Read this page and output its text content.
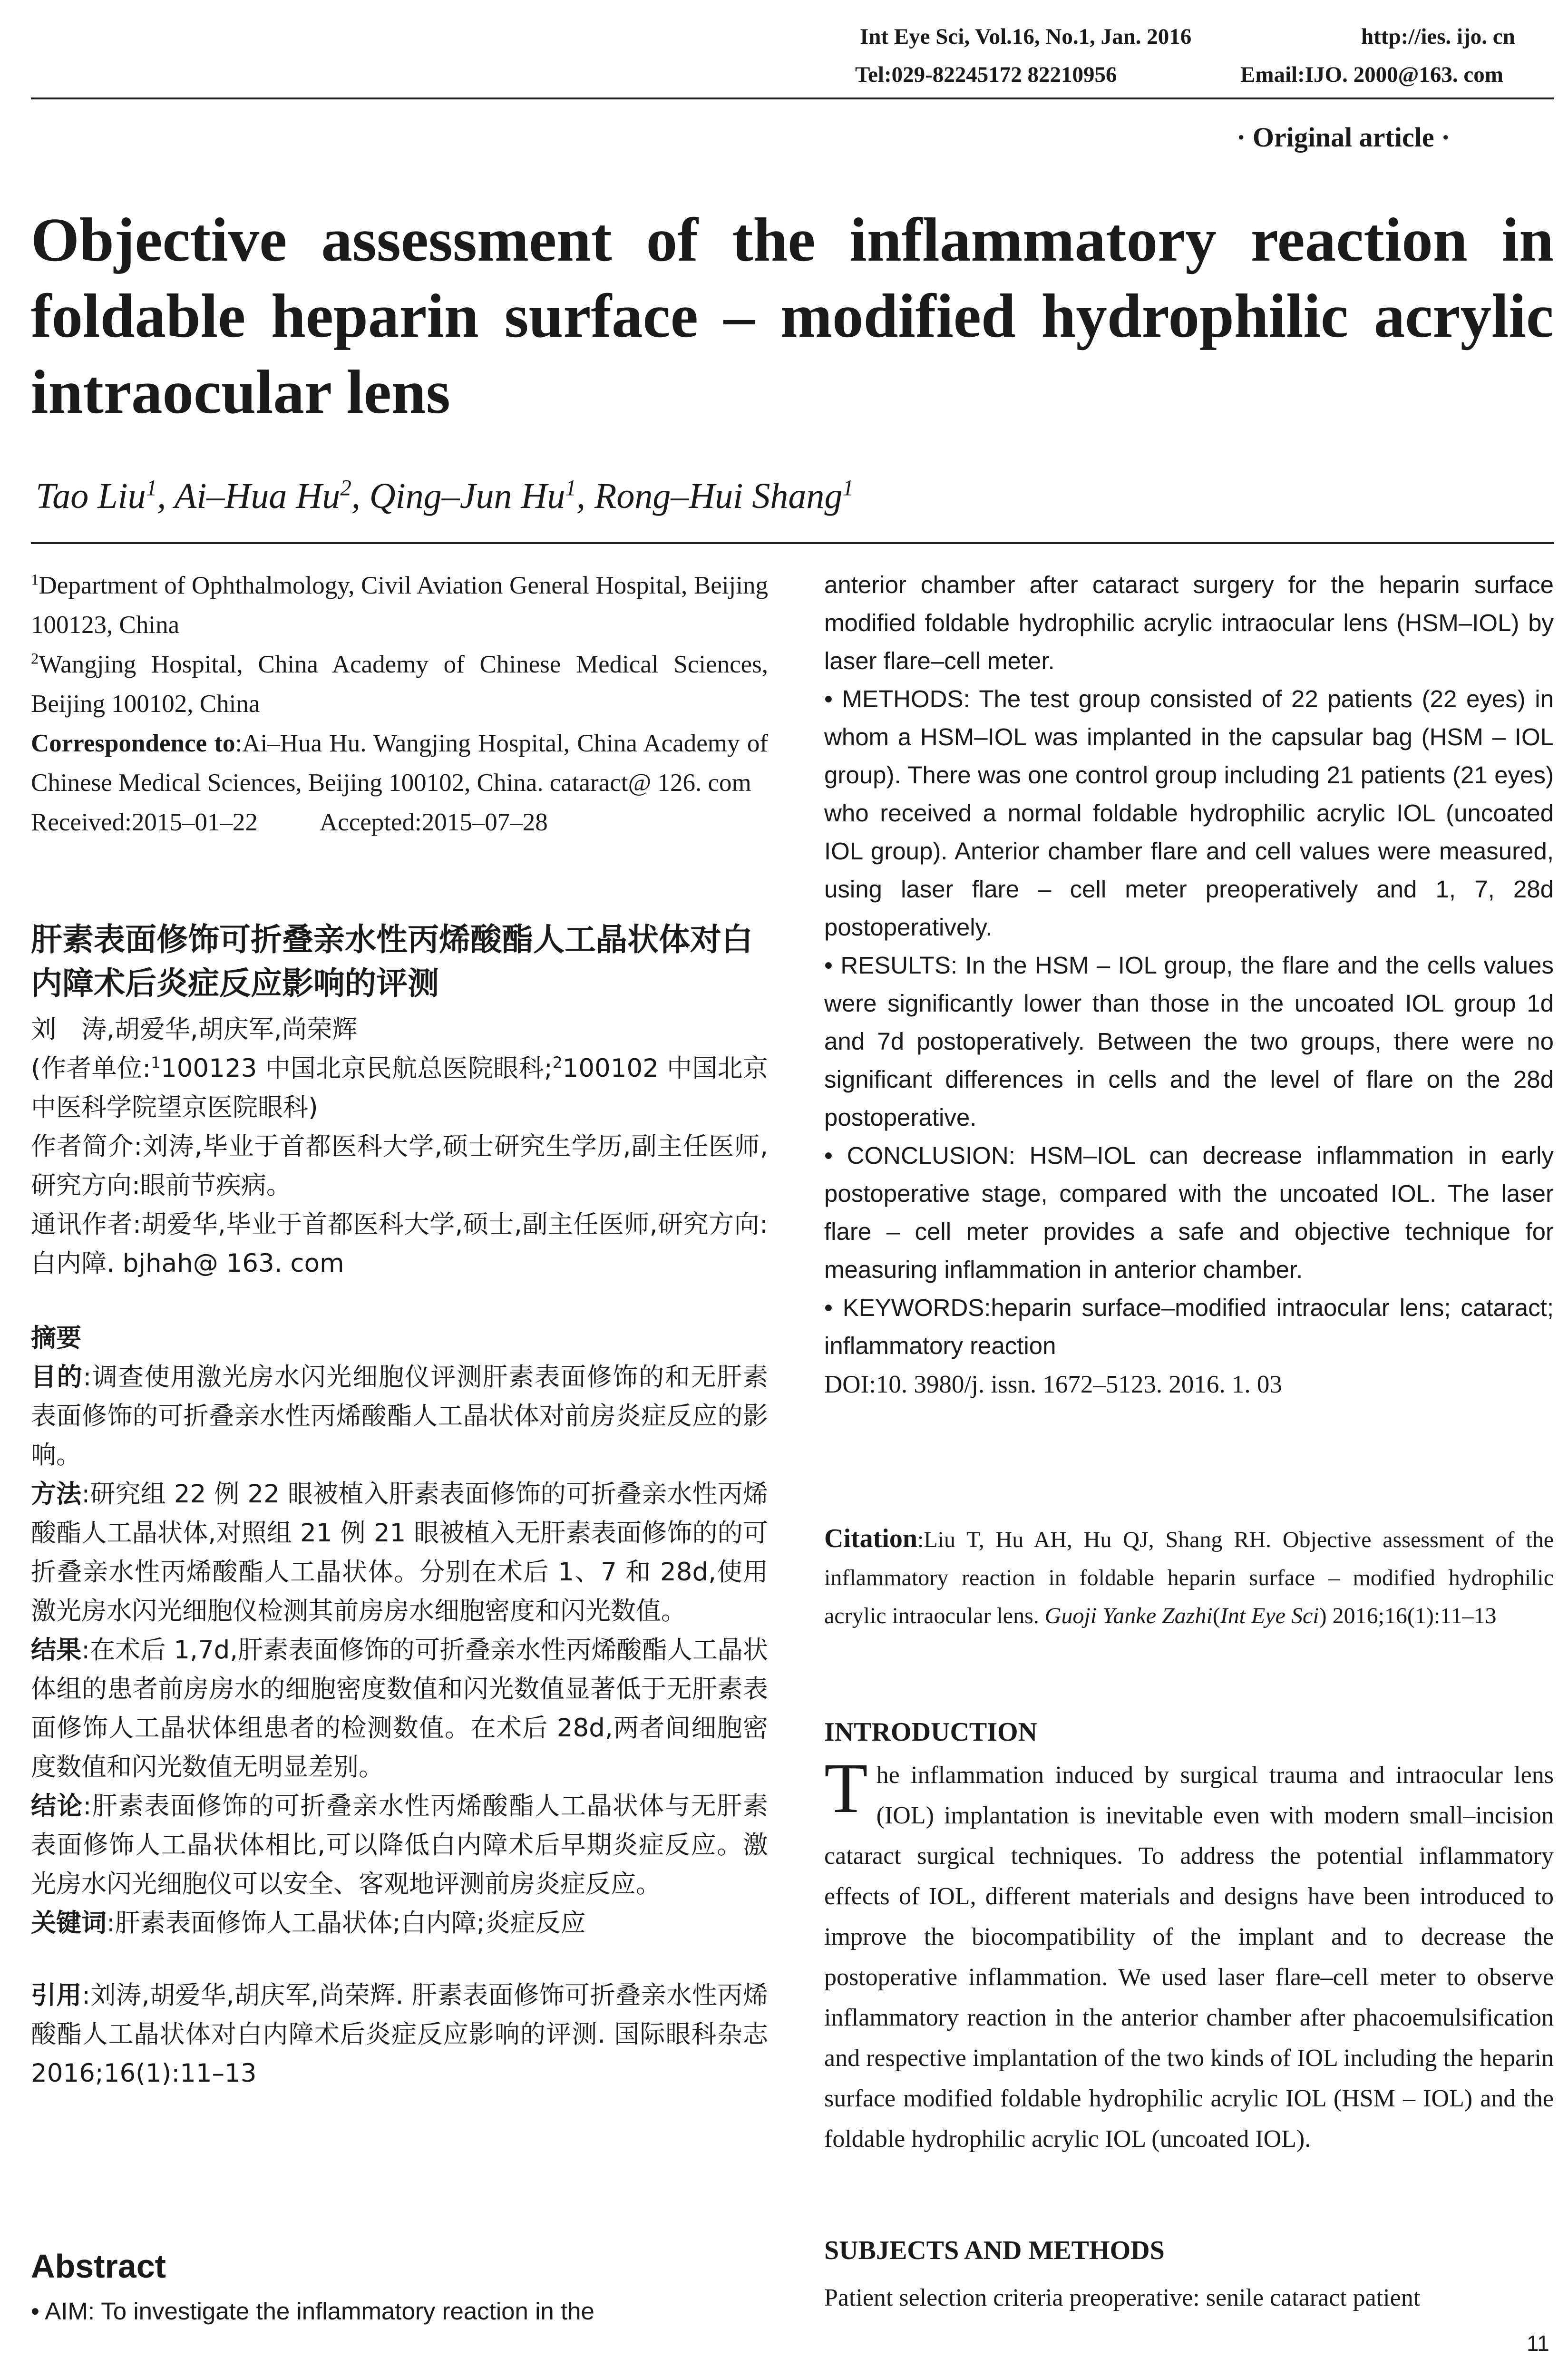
Int Eye Sci, Vol.16, No.1, Jan. 2016	http://ies. ijo. cn
Tel:029-82245172 82210956	Email:IJO. 2000@163. com
· Original article ·
Objective assessment of the inflammatory reaction in foldable heparin surface – modified hydrophilic acrylic intraocular lens
Tao Liu$^1$, Ai–Hua Hu$^2$, Qing–Jun Hu$^1$, Rong–Hui Shang$^1$

$^1$Department of Ophthalmology, Civil Aviation General Hospital, Beijing 100123, China

$^2$Wangjing Hospital, China Academy of Chinese Medical Sciences, Beijing 100102, China

Correspondence to:Ai–Hua Hu. Wangjing Hospital, China Academy of Chinese Medical Sciences, Beijing 100102, China. cataract@ 126. com

Received:2015–01–22 Accepted:2015–07–28

肝素表面修饰可折叠亲水性丙烯酸酯人工晶状体对白内障术后炎症反应影响的评测
刘　涛,胡爱华,胡庆军,尚荣辉
(作者单位:$^1$100123 中国北京民航总医院眼科;$^2$100102 中国北京中医科学院望京医院眼科)
作者简介:刘涛,毕业于首都医科大学,硕士研究生学历,副主任医师,研究方向:眼前节疾病。
通讯作者:胡爱华,毕业于首都医科大学,硕士,副主任医师,研究方向:白内障. bjhah@ 163. com
摘要
目的:调查使用激光房水闪光细胞仪评测肝素表面修饰的和无肝素表面修饰的可折叠亲水性丙烯酸酯人工晶状体对前房炎症反应的影响。
方法:研究组 22 例 22 眼被植入肝素表面修饰的可折叠亲水性丙烯酸酯人工晶状体,对照组 21 例 21 眼被植入无肝素表面修饰的的可折叠亲水性丙烯酸酯人工晶状体。分别在术后 1、7 和 28d,使用激光房水闪光细胞仪检测其前房房水细胞密度和闪光数值。
结果:在术后 1,7d,肝素表面修饰的可折叠亲水性丙烯酸酯人工晶状体组的患者前房房水的细胞密度数值和闪光数值显著低于无肝素表面修饰人工晶状体组患者的检测数值。在术后 28d,两者间细胞密度数值和闪光数值无明显差别。
结论:肝素表面修饰的可折叠亲水性丙烯酸酯人工晶状体与无肝素表面修饰人工晶状体相比,可以降低白内障术后早期炎症反应。激光房水闪光细胞仪可以安全、客观地评测前房炎症反应。
关键词:肝素表面修饰人工晶状体;白内障;炎症反应
引用:刘涛,胡爱华,胡庆军,尚荣辉. 肝素表面修饰可折叠亲水性丙烯酸酯人工晶状体对白内障术后炎症反应影响的评测. 国际眼科杂志 2016;16(1):11–13
Abstract
• AIM: To investigate the inflammatory reaction in the

anterior chamber after cataract surgery for the heparin surface modified foldable hydrophilic acrylic intraocular lens (HSM–IOL) by laser flare–cell meter.

• METHODS: The test group consisted of 22 patients (22 eyes) in whom a HSM–IOL was implanted in the capsular bag (HSM – IOL group). There was one control group including 21 patients (21 eyes) who received a normal foldable hydrophilic acrylic IOL (uncoated IOL group). Anterior chamber flare and cell values were measured, using laser flare – cell meter preoperatively and 1, 7, 28d postoperatively.

• RESULTS: In the HSM – IOL group, the flare and the cells values were significantly lower than those in the uncoated IOL group 1d and 7d postoperatively. Between the two groups, there were no significant differences in cells and the level of flare on the 28d postoperative.

• CONCLUSION: HSM–IOL can decrease inflammation in early postoperative stage, compared with the uncoated IOL. The laser flare – cell meter provides a safe and objective technique for measuring inflammation in anterior chamber.

• KEYWORDS:heparin surface–modified intraocular lens; cataract; inflammatory reaction

DOI:10. 3980/j. issn. 1672–5123. 2016. 1. 03

Citation:Liu T, Hu AH, Hu QJ, Shang RH. Objective assessment of the inflammatory reaction in foldable heparin surface – modified hydrophilic acrylic intraocular lens. Guoji Yanke Zazhi(Int Eye Sci) 2016;16(1):11–13
INTRODUCTION
The inflammation induced by surgical trauma and intraocular lens (IOL) implantation is inevitable even with modern small–incision cataract surgical techniques. To address the potential inflammatory effects of IOL, different materials and designs have been introduced to improve the biocompatibility of the implant and to decrease the postoperative inflammation. We used laser flare–cell meter to observe inflammatory reaction in the anterior chamber after phacoemulsification and respective implantation of the two kinds of IOL including the heparin surface modified foldable hydrophilic acrylic IOL (HSM – IOL) and the foldable hydrophilic acrylic IOL (uncoated IOL).
SUBJECTS AND METHODS
Patient selection criteria preoperative: senile cataract patient
11
